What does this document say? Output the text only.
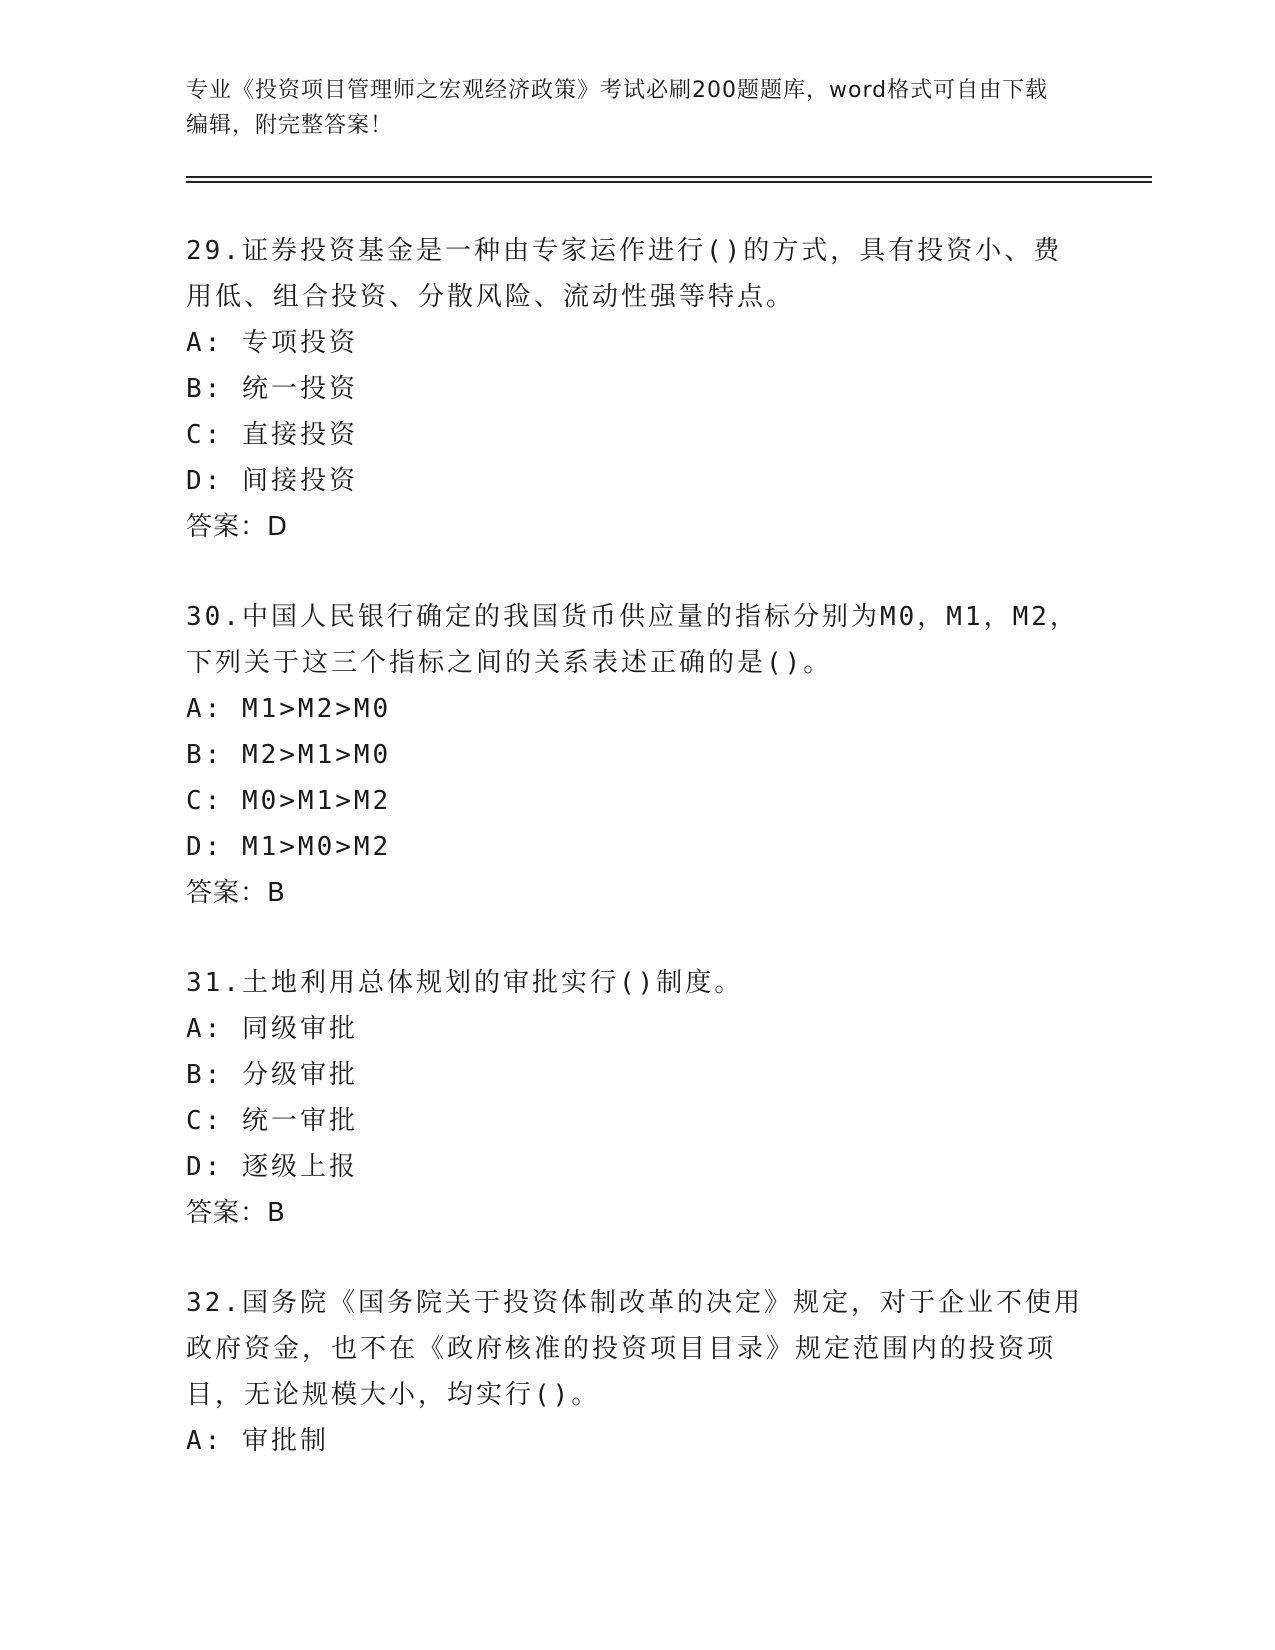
专业《投资项目管理师之宏观经济政策》考试必刷200题题库，word格式可自由下载编辑，附完整答案！
29.证券投资基金是一种由专家运作进行()的方式，具有投资小、费用低、组合投资、分散风险、流动性强等特点。
A: 专项投资
B: 统一投资
C: 直接投资
D: 间接投资
答案：D
30.中国人民银行确定的我国货币供应量的指标分别为M0，M1，M2，下列关于这三个指标之间的关系表述正确的是()。
A: M1>M2>M0
B: M2>M1>M0
C: M0>M1>M2
D: M1>M0>M2
答案：B
31.土地利用总体规划的审批实行()制度。
A: 同级审批
B: 分级审批
C: 统一审批
D: 逐级上报
答案：B
32.国务院《国务院关于投资体制改革的决定》规定，对于企业不使用政府资金，也不在《政府核准的投资项目目录》规定范围内的投资项目，无论规模大小，均实行()。
A: 审批制
